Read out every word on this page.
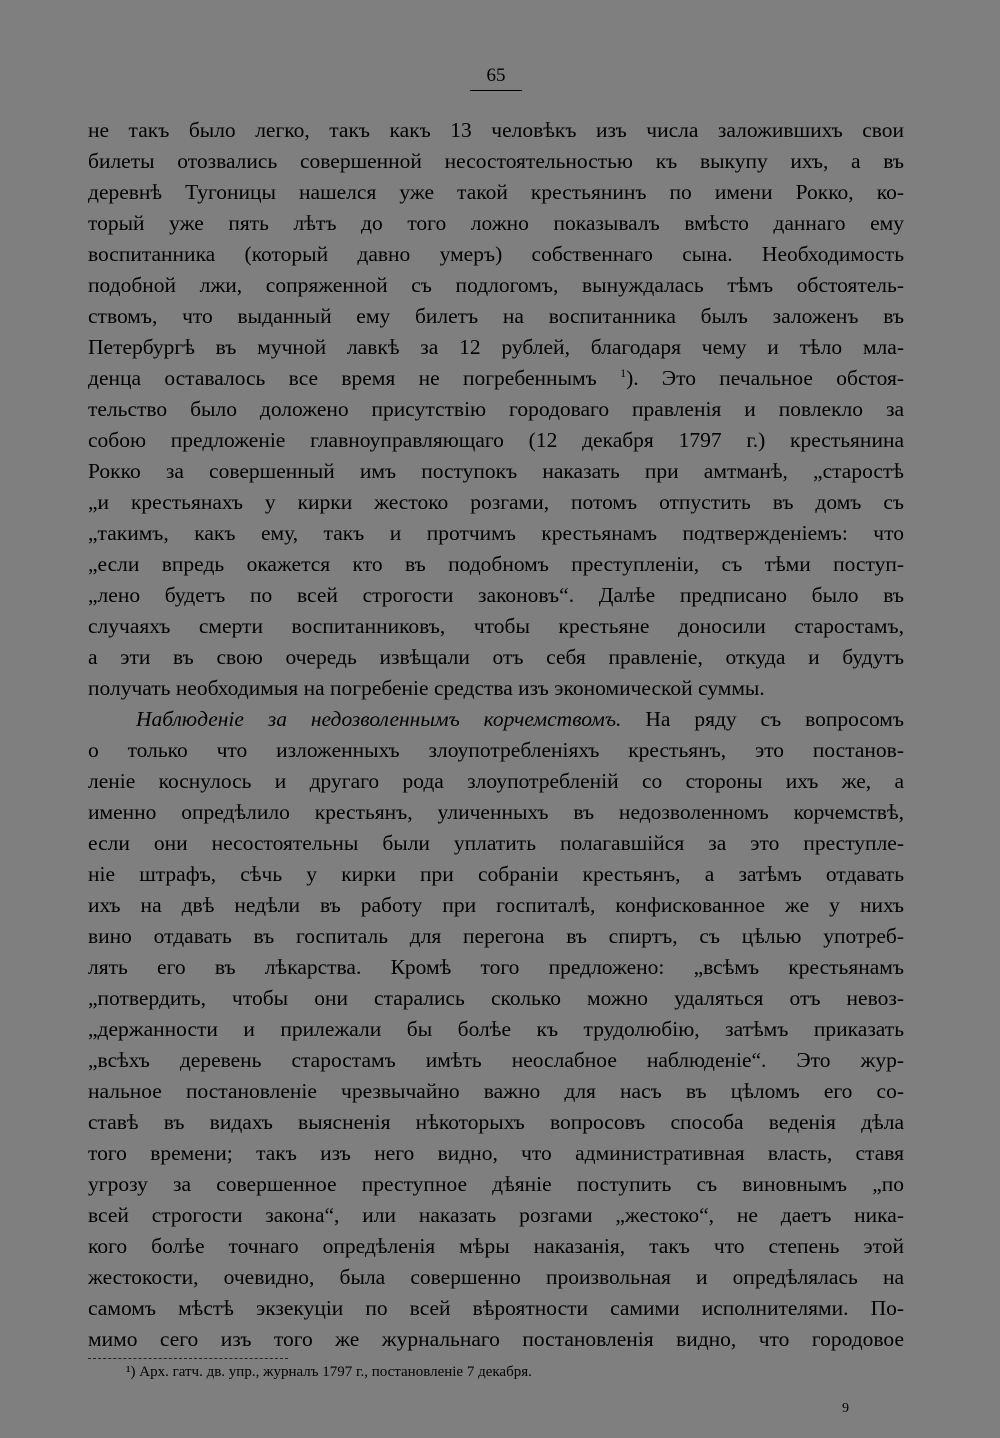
65
не такъ было легко, такъ какъ 13 человѣкъ изъ числа заложившихъ свои
билеты отозвались совершенной несостоятельностью къ выкупу ихъ, а въ
деревнѣ Тугоницы нашелся уже такой крестьянинъ по имени Рокко, ко-
торый уже пять лѣтъ до того ложно показывалъ вмѣсто даннаго ему
воспитанника (который давно умеръ) собственнаго сына. Необходимость
подобной лжи, сопряженной съ подлогомъ, вынуждалась тѣмъ обстоятель-
ствомъ, что выданный ему билетъ на воспитанника былъ заложенъ въ
Петербургѣ въ мучной лавкѣ за 12 рублей, благодаря чему и тѣло мла-
денца оставалось все время не погребеннымъ $^1$). Это печальное обстоя-
тельство было доложено присутствію городоваго правленія и повлекло за
собою предложеніе главноуправляющаго (12 декабря 1797 г.) крестьянина
Рокко за совершенный имъ поступокъ наказать при амтманѣ, „старостѣ
„и крестьянахъ у кирки жестоко розгами, потомъ отпустить въ домъ съ
„такимъ, какъ ему, такъ и протчимъ крестьянамъ подтвержденіемъ: что
„если впредь окажется кто въ подобномъ преступленіи, съ тѣми поступ-
„лено будетъ по всей строгости законовъ“. Далѣе предписано было въ
случаяхъ смерти воспитанниковъ, чтобы крестьяне доносили старостамъ,
а эти въ свою очередь извѣщали отъ себя правленіе, откуда и будутъ
получать необходимыя на погребеніе средства изъ экономической суммы.
Наблюденіе за недозволеннымъ корчемствомъ. На ряду съ вопросомъ
о только что изложенныхъ злоупотребленіяхъ крестьянъ, это постанов-
леніе коснулось и другаго рода злоупотребленій со стороны ихъ же, а
именно опредѣлило крестьянъ, уличенныхъ въ недозволенномъ корчемствѣ,
если они несостоятельны были уплатить полагавшійся за это преступле-
ніе штрафъ, сѣчь у кирки при собраніи крестьянъ, а затѣмъ отдавать
ихъ на двѣ недѣли въ работу при госпиталѣ, конфискованное же у нихъ
вино отдавать въ госпиталь для перегона въ спиртъ, съ цѣлью употреб-
лять его въ лѣкарства. Кромѣ того предложено: „всѣмъ крестьянамъ
„потвердить, чтобы они старались сколько можно удаляться отъ невоз-
„держанности и прилежали бы болѣе къ трудолюбію, затѣмъ приказать
„всѣхъ деревень старостамъ имѣть неослабное наблюденіе“. Это жур-
нальное постановленіе чрезвычайно важно для насъ въ цѣломъ его со-
ставѣ въ видахъ выясненія нѣкоторыхъ вопросовъ способа веденія дѣла
того времени; такъ изъ него видно, что административная власть, ставя
угрозу за совершенное преступное дѣяніе поступить съ виновнымъ „по
всей строгости закона“, или наказать розгами „жестоко“, не даетъ ника-
кого болѣе точнаго опредѣленія мѣры наказанія, такъ что степень этой
жестокости, очевидно, была совершенно произвольная и опредѣлялась на
самомъ мѣстѣ экзекуціи по всей вѣроятности самими исполнителями. По-
мимо сего изъ того же журнальнаго постановленія видно, что городовое
¹) Арх. гатч. дв. упр., журналъ 1797 г., постановленіе 7 декабря.
9
